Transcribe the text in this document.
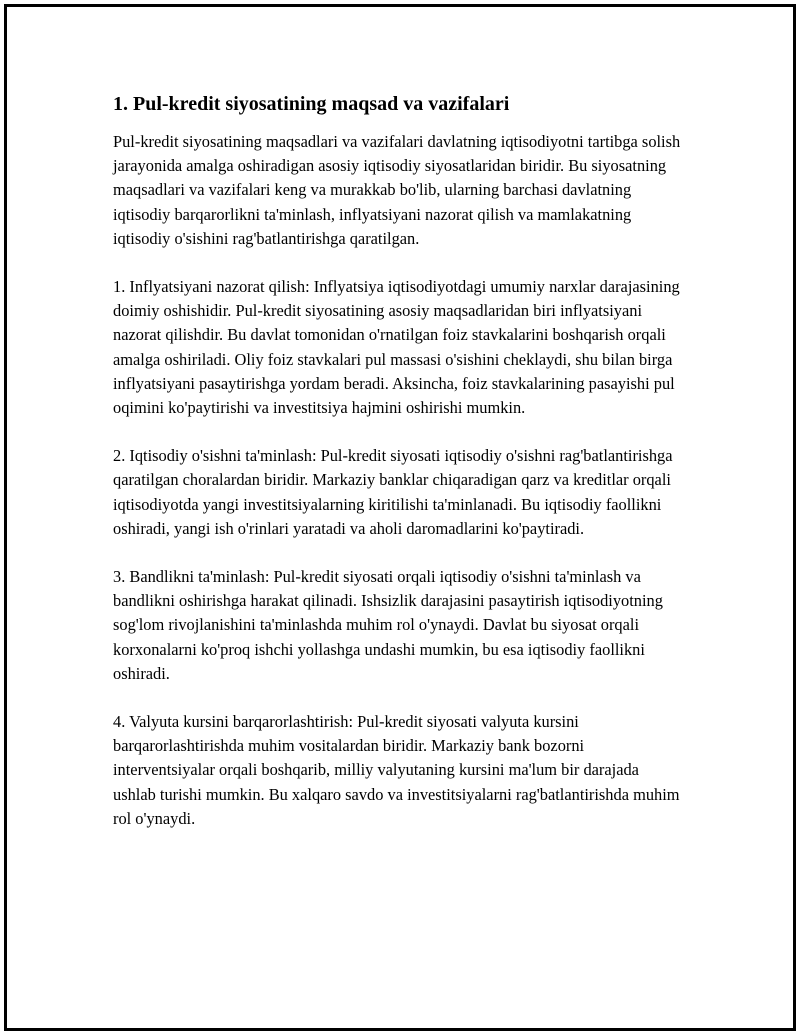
1. Pul-kredit siyosatining maqsad va vazifalari

Pul-kredit siyosatining maqsadlari va vazifalari davlatning iqtisodiyotni tartibga solish jarayonida amalga oshiradigan asosiy iqtisodiy siyosatlaridan biridir. Bu siyosatning maqsadlari va vazifalari keng va murakkab bo'lib, ularning barchasi davlatning iqtisodiy barqarorlikni ta'minlash, inflyatsiyani nazorat qilish va mamlakatning iqtisodiy o'sishini rag'batlantirishga qaratilgan.

1. Inflyatsiyani nazorat qilish: Inflyatsiya iqtisodiyotdagi umumiy narxlar darajasining doimiy oshishidir. Pul-kredit siyosatining asosiy maqsadlaridan biri inflyatsiyani nazorat qilishdir. Bu davlat tomonidan o'rnatilgan foiz stavkalarini boshqarish orqali amalga oshiriladi. Oliy foiz stavkalari pul massasi o'sishini cheklaydi, shu bilan birga inflyatsiyani pasaytirishga yordam beradi. Aksincha, foiz stavkalarining pasayishi pul oqimini ko'paytirishi va investitsiya hajmini oshirishi mumkin.

2. Iqtisodiy o'sishni ta'minlash: Pul-kredit siyosati iqtisodiy o'sishni rag'batlantirishga qaratilgan choralardan biridir. Markaziy banklar chiqaradigan qarz va kreditlar orqali iqtisodiyotda yangi investitsiyalarning kiritilishi ta'minlanadi. Bu iqtisodiy faollikni oshiradi, yangi ish o'rinlari yaratadi va aholi daromadlarini ko'paytiradi.

3. Bandlikni ta'minlash: Pul-kredit siyosati orqali iqtisodiy o'sishni ta'minlash va bandlikni oshirishga harakat qilinadi. Ishsizlik darajasini pasaytirish iqtisodiyotning sog'lom rivojlanishini ta'minlashda muhim rol o'ynaydi. Davlat bu siyosat orqali korxonalarni ko'proq ishchi yollashga undashi mumkin, bu esa iqtisodiy faollikni oshiradi.

4. Valyuta kursini barqarorlashtirish: Pul-kredit siyosati valyuta kursini barqarorlashtirishda muhim vositalardan biridir. Markaziy bank bozorni interventsiyalar orqali boshqarib, milliy valyutaning kursini ma'lum bir darajada ushlab turishi mumkin. Bu xalqaro savdo va investitsiyalarni rag'batlantirishda muhim rol o'ynaydi.
